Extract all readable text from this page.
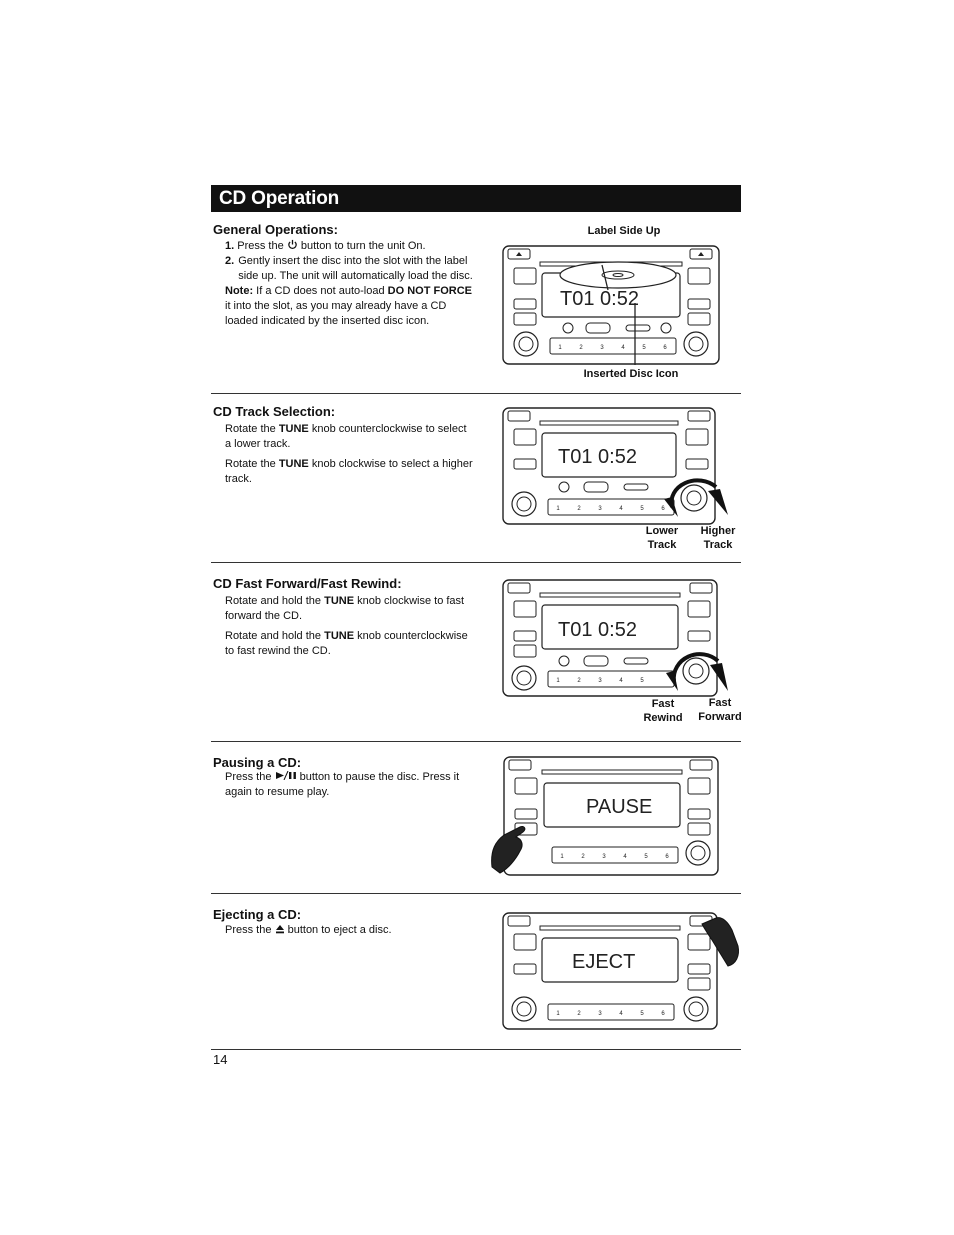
CD Operation
General Operations:
1. Press the button to turn the unit On.
2. Gently insert the disc into the slot with the label side up. The unit will automatically load the disc.
Note: If a CD does not auto-load DO NOT FORCE it into the slot, as you may already have a CD loaded indicated by the inserted disc icon.
Label Side Up
Inserted Disc Icon
T01 0:52
1	2	3	4	5	6
CD Track Selection:

Rotate the TUNE knob counterclockwise to select a lower track.

Rotate the TUNE knob clockwise to select a higher track.

Lower
Track
Higher
Track
T01 0:52
1	2	3	4	5	6
CD Fast Forward/Fast Rewind:

Rotate and hold the TUNE knob clockwise to fast forward the CD.

Rotate and hold the TUNE knob counterclockwise to fast rewind the CD.

Fast
Rewind
Fast
Forward
T01 0:52
1	2	3	4	5
Pausing a CD:
Press the	button to pause the disc. Press it again to resume play.
PAUSE
1	2	3	4	5	6
Ejecting a CD:
Press the button to eject a disc.
EJECT
1	2	3	4	5	6
14
